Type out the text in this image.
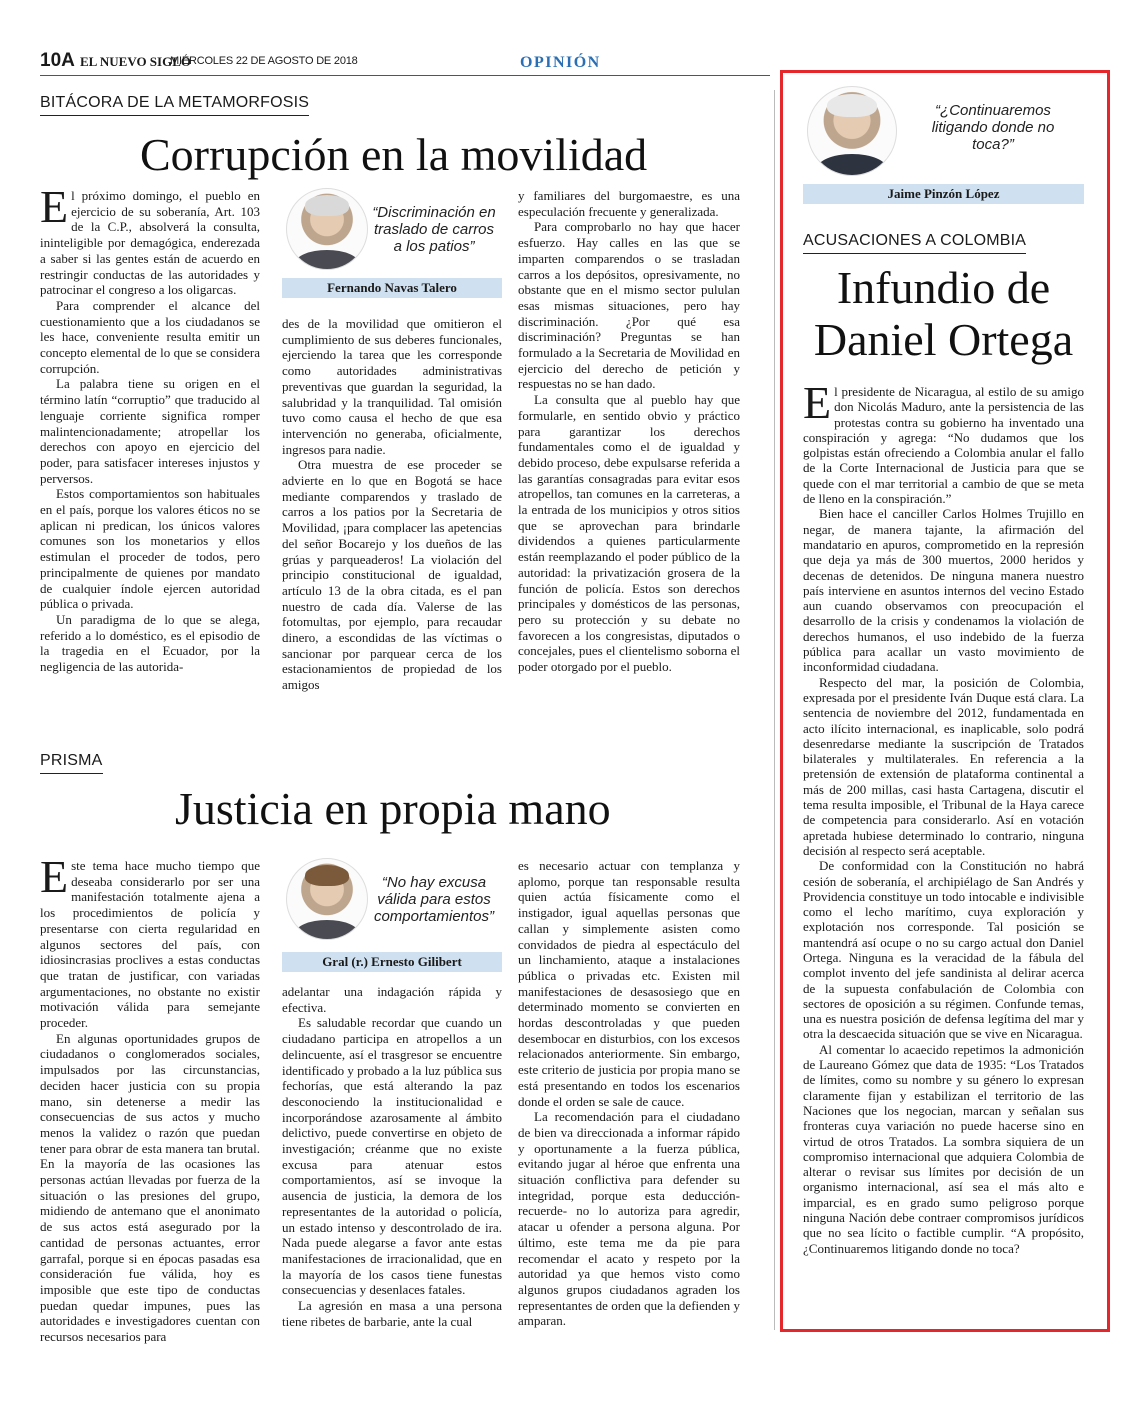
10A EL NUEVO SIGLO
MIÉRCOLES 22 DE AGOSTO DE 2018	OPINIÓN
BITÁCORA DE LA METAMORFOSIS
Corrupción en la movilidad

El próximo domingo, el pueblo en ejercicio de su soberanía, Art. 103 de la C.P., absolverá la consulta, ininteligible por demagógica, enderezada a saber si las gentes están de acuerdo en restringir conductas de las autoridades y patrocinar el congreso a los oligarcas.

Para comprender el alcance del cuestionamiento que a los ciudadanos se les hace, conveniente resulta emitir un concepto elemental de lo que se considera corrupción.

La palabra tiene su origen en el término latín “corruptio” que traducido al lenguaje corriente significa romper malintencionadamente; atropellar los derechos con apoyo en ejercicio del poder, para satisfacer intereses injustos y perversos.

Estos comportamientos son habituales en el país, porque los valores éticos no se aplican ni predican, los únicos valores comunes son los monetarios y ellos estimulan el proceder de todos, pero principalmente de quienes por mandato de cualquier índole ejercen autoridad pública o privada.

Un paradigma de lo que se alega, referido a lo doméstico, es el episodio de la tragedia en el Ecuador, por la negligencia de las autorida-

“Discriminación en traslado de carros a los patios”
Fernando Navas Talero

des de la movilidad que omitieron el cumplimiento de sus deberes funcionales, ejerciendo la tarea que les corresponde como autoridades administrativas preventivas que guardan la seguridad, la salubridad y la tranquilidad. Tal omisión tuvo como causa el hecho de que esa intervención no generaba, oficialmente, ingresos para nadie.

Otra muestra de ese proceder se advierte en lo que en Bogotá se hace mediante comparendos y traslado de carros a los patios por la Secretaria de Movilidad, ¡para complacer las apetencias del señor Bocarejo y los dueños de las grúas y parqueaderos! La violación del principio constitucional de igualdad, artículo 13 de la obra citada, es el pan nuestro de cada día. Valerse de las fotomultas, por ejemplo, para recaudar dinero, a escondidas de las víctimas o sancionar por parquear cerca de los estacionamientos de propiedad de los amigos

y familiares del burgomaestre, es una especulación frecuente y generalizada.

Para comprobarlo no hay que hacer esfuerzo. Hay calles en las que se imparten comparendos o se trasladan carros a los depósitos, opresivamente, no obstante que en el mismo sector pululan esas mismas situaciones, pero hay discriminación. ¿Por qué esa discriminación? Preguntas se han formulado a la Secretaria de Movilidad en ejercicio del derecho de petición y respuestas no se han dado.

La consulta que al pueblo hay que formularle, en sentido obvio y práctico para garantizar los derechos fundamentales como el de igualdad y debido proceso, debe expulsarse referida a las garantías consagradas para evitar esos atropellos, tan comunes en la carreteras, a la entrada de los municipios y otros sitios que se aprovechan para brindarle dividendos a quienes particularmente están reemplazando el poder público de la autoridad: la privatización grosera de la función de policía. Estos son derechos principales y domésticos de las personas, pero su protección y su debate no favorecen a los congresistas, diputados o concejales, pues el clientelismo soborna el poder otorgado por el pueblo.

PRISMA
Justicia en propia mano

Este tema hace mucho tiempo que deseaba considerarlo por ser una manifestación totalmente ajena a los procedimientos de policía y presentarse con cierta regularidad en algunos sectores del país, con idiosincrasias proclives a estas conductas que tratan de justificar, con variadas argumentaciones, no obstante no existir motivación válida para semejante proceder.

En algunas oportunidades grupos de ciudadanos o conglomerados sociales, impulsados por las circunstancias, deciden hacer justicia con su propia mano, sin detenerse a medir las consecuencias de sus actos y mucho menos la validez o razón que puedan tener para obrar de esta manera tan brutal. En la mayoría de las ocasiones las personas actúan llevadas por fuerza de la situación o las presiones del grupo, midiendo de antemano que el anonimato de sus actos está asegurado por la cantidad de personas actuantes, error garrafal, porque si en épocas pasadas esa consideración fue válida, hoy es imposible que este tipo de conductas puedan quedar impunes, pues las autoridades e investigadores cuentan con recursos necesarios para

“No hay excusa válida para estos comportamientos”
Gral (r.) Ernesto Gilibert

adelantar una indagación rápida y efectiva.

Es saludable recordar que cuando un ciudadano participa en atropellos a un delincuente, así el trasgresor se encuentre identificado y probado a la luz pública sus fechorías, que está alterando la paz desconociendo la institucionalidad e incorporándose azarosamente al ámbito delictivo, puede convertirse en objeto de investigación; créanme que no existe excusa para atenuar estos comportamientos, así se invoque la ausencia de justicia, la demora de los representantes de la autoridad o policía, un estado intenso y descontrolado de ira. Nada puede alegarse a favor ante estas manifestaciones de irracionalidad, que en la mayoría de los casos tiene funestas consecuencias y desenlaces fatales.

La agresión en masa a una persona tiene ribetes de barbarie, ante la cual

es necesario actuar con templanza y aplomo, porque tan responsable resulta quien actúa físicamente como el instigador, igual aquellas personas que callan y simplemente asisten como convidados de piedra al espectáculo del un linchamiento, ataque a instalaciones pública o privadas etc. Existen mil manifestaciones de desasosiego que en determinado momento se convierten en hordas descontroladas y que pueden desembocar en disturbios, con los excesos relacionados anteriormente. Sin embargo, este criterio de justicia por propia mano se está presentando en todos los escenarios donde el orden se sale de cauce.

La recomendación para el ciudadano de bien va direccionada a informar rápido y oportunamente a la fuerza pública, evitando jugar al héroe que enfrenta una situación conflictiva para defender su integridad, porque esta deducción- recuerde- no lo autoriza para agredir, atacar u ofender a persona alguna. Por último, este tema me da pie para recomendar el acato y respeto por la autoridad ya que hemos visto como algunos grupos ciudadanos agraden los representantes de orden que la defienden y amparan.

“¿Continuaremos litigando donde no toca?”
Jaime Pinzón López
ACUSACIONES A COLOMBIA
Infundio de
Daniel Ortega

El presidente de Nicaragua, al estilo de su amigo don Nicolás Maduro, ante la persistencia de las protestas contra su gobierno ha inventado una conspiración y agrega: “No dudamos que los golpistas están ofreciendo a Colombia anular el fallo de la Corte Internacional de Justicia para que se quede con el mar territorial a cambio de que se meta de lleno en la conspiración.”

Bien hace el canciller Carlos Holmes Trujillo en negar, de manera tajante, la afirmación del mandatario en apuros, comprometido en la represión que deja ya más de 300 muertos, 2000 heridos y decenas de detenidos. De ninguna manera nuestro país interviene en asuntos internos del vecino Estado aun cuando observamos con preocupación el desarrollo de la crisis y condenamos la violación de derechos humanos, el uso indebido de la fuerza pública para acallar un vasto movimiento de inconformidad ciudadana.

Respecto del mar, la posición de Colombia, expresada por el presidente Iván Duque está clara. La sentencia de noviembre del 2012, fundamentada en acto ilícito internacional, es inaplicable, solo podrá desenredarse mediante la suscripción de Tratados bilaterales y multilaterales. En referencia a la pretensión de extensión de plataforma continental a más de 200 millas, casi hasta Cartagena, discutir el tema resulta imposible, el Tribunal de la Haya carece de competencia para considerarlo. Así en votación apretada hubiese determinado lo contrario, ninguna decisión al respecto será aceptable.

De conformidad con la Constitución no habrá cesión de soberanía, el archipiélago de San Andrés y Providencia constituye un todo intocable e indivisible como el lecho marítimo, cuya exploración y explotación nos corresponde. Tal posición se mantendrá así ocupe o no su cargo actual don Daniel Ortega. Ninguna es la veracidad de la fábula del complot invento del jefe sandinista al delirar acerca de la supuesta confabulación de Colombia con sectores de oposición a su régimen. Confunde temas, una es nuestra posición de defensa legítima del mar y otra la descaecida situación que se vive en Nicaragua.

Al comentar lo acaecido repetimos la admonición de Laureano Gómez que data de 1935: “Los Tratados de límites, como su nombre y su género lo expresan claramente fijan y estabilizan el territorio de las Naciones que los negocian, marcan y señalan sus fronteras cuya variación no puede hacerse sino en virtud de otros Tratados. La sombra siquiera de un compromiso internacional que adquiera Colombia de alterar o revisar sus límites por decisión de un organismo internacional, así sea el más alto e imparcial, es en grado sumo peligroso porque ninguna Nación debe contraer compromisos jurídicos que no sea lícito o factible cumplir. “A propósito, ¿Continuaremos litigando donde no toca?
